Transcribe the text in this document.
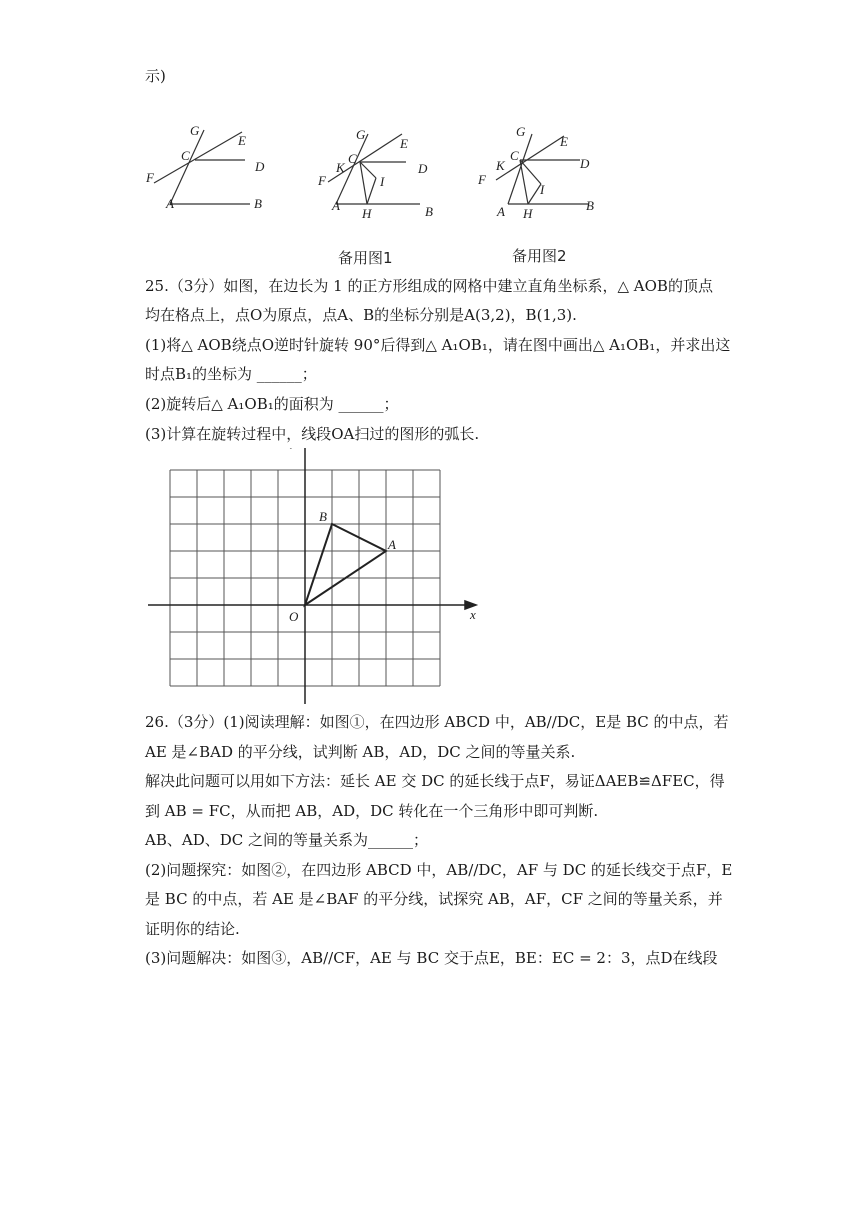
示)
G
C
E
D
F
A	B
G
C
E
D
K
F	I
A
H	B
G
C
E
D
K
F
I
A H
B
备用图1	备用图2
25.（3分）如图，在边长为 1 的正方形组成的网格中建立直角坐标系，△ AOB的顶点
均在格点上，点O为原点，点A、B的坐标分别是A(3,2)，B(1,3).
(1)将△ AOB绕点O逆时针旋转 90°后得到△ A₁OB₁，请在图中画出△ A₁OB₁，并求出这
时点B₁的坐标为 ______；
(2)旋转后△ A₁OB₁的面积为 ______；
(3)计算在旋转过程中，线段OA扫过的图形的弧长.
x
O
A
B
26.（3分）(1)阅读理解：如图①，在四边形 ABCD 中，AB//DC，E是 BC 的中点，若
AE 是∠BAD 的平分线，试判断 AB，AD，DC 之间的等量关系.
解决此问题可以用如下方法：延长 AE 交 DC 的延长线于点F，易证ΔAEB≌ΔFEC，得
到 AB = FC，从而把 AB，AD，DC 转化在一个三角形中即可判断.
AB、AD、DC 之间的等量关系为______；
(2)问题探究：如图②，在四边形 ABCD 中，AB//DC，AF 与 DC 的延长线交于点F，E
是 BC 的中点，若 AE 是∠BAF 的平分线，试探究 AB，AF，CF 之间的等量关系，并
证明你的结论.
(3)问题解决：如图③，AB//CF，AE 与 BC 交于点E，BE：EC = 2：3，点D在线段
